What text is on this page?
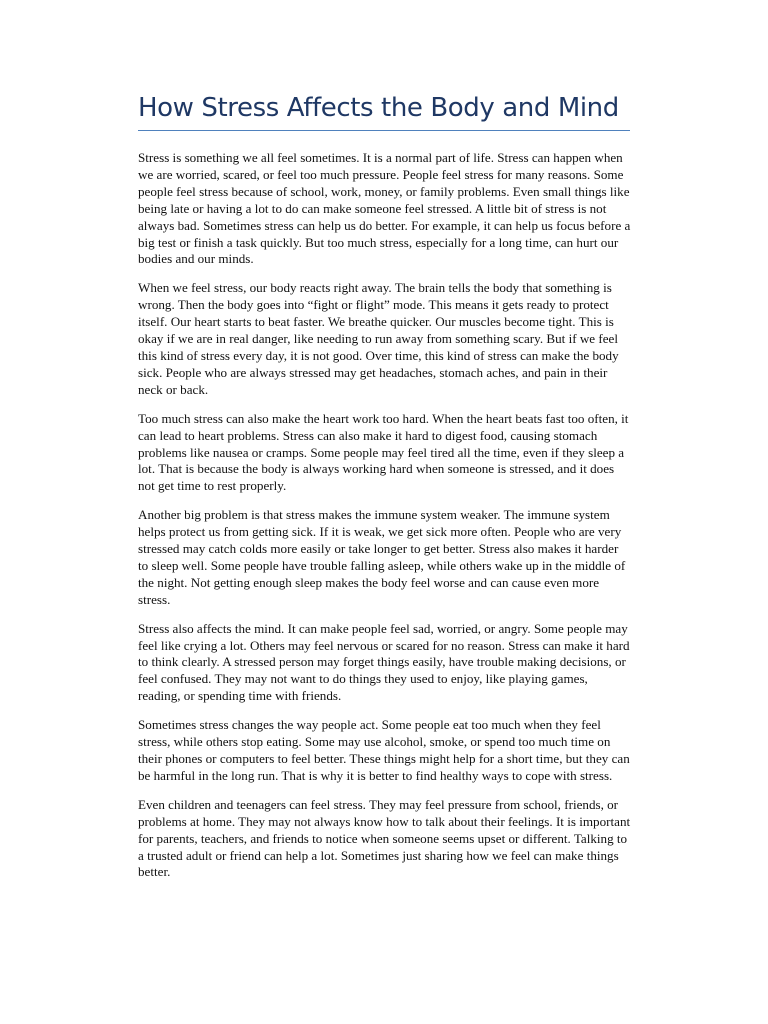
How Stress Affects the Body and Mind

Stress is something we all feel sometimes. It is a normal part of life. Stress can happen when we are worried, scared, or feel too much pressure. People feel stress for many reasons. Some people feel stress because of school, work, money, or family problems. Even small things like being late or having a lot to do can make someone feel stressed. A little bit of stress is not always bad. Sometimes stress can help us do better. For example, it can help us focus before a big test or finish a task quickly. But too much stress, especially for a long time, can hurt our bodies and our minds.

When we feel stress, our body reacts right away. The brain tells the body that something is wrong. Then the body goes into “fight or flight” mode. This means it gets ready to protect itself. Our heart starts to beat faster. We breathe quicker. Our muscles become tight. This is okay if we are in real danger, like needing to run away from something scary. But if we feel this kind of stress every day, it is not good. Over time, this kind of stress can make the body sick. People who are always stressed may get headaches, stomach aches, and pain in their neck or back.

Too much stress can also make the heart work too hard. When the heart beats fast too often, it can lead to heart problems. Stress can also make it hard to digest food, causing stomach problems like nausea or cramps. Some people may feel tired all the time, even if they sleep a lot. That is because the body is always working hard when someone is stressed, and it does not get time to rest properly.

Another big problem is that stress makes the immune system weaker. The immune system helps protect us from getting sick. If it is weak, we get sick more often. People who are very stressed may catch colds more easily or take longer to get better. Stress also makes it harder to sleep well. Some people have trouble falling asleep, while others wake up in the middle of the night. Not getting enough sleep makes the body feel worse and can cause even more stress.

Stress also affects the mind. It can make people feel sad, worried, or angry. Some people may feel like crying a lot. Others may feel nervous or scared for no reason. Stress can make it hard to think clearly. A stressed person may forget things easily, have trouble making decisions, or feel confused. They may not want to do things they used to enjoy, like playing games, reading, or spending time with friends.

Sometimes stress changes the way people act. Some people eat too much when they feel stress, while others stop eating. Some may use alcohol, smoke, or spend too much time on their phones or computers to feel better. These things might help for a short time, but they can be harmful in the long run. That is why it is better to find healthy ways to cope with stress.

Even children and teenagers can feel stress. They may feel pressure from school, friends, or problems at home. They may not always know how to talk about their feelings. It is important for parents, teachers, and friends to notice when someone seems upset or different. Talking to a trusted adult or friend can help a lot. Sometimes just sharing how we feel can make things better.
